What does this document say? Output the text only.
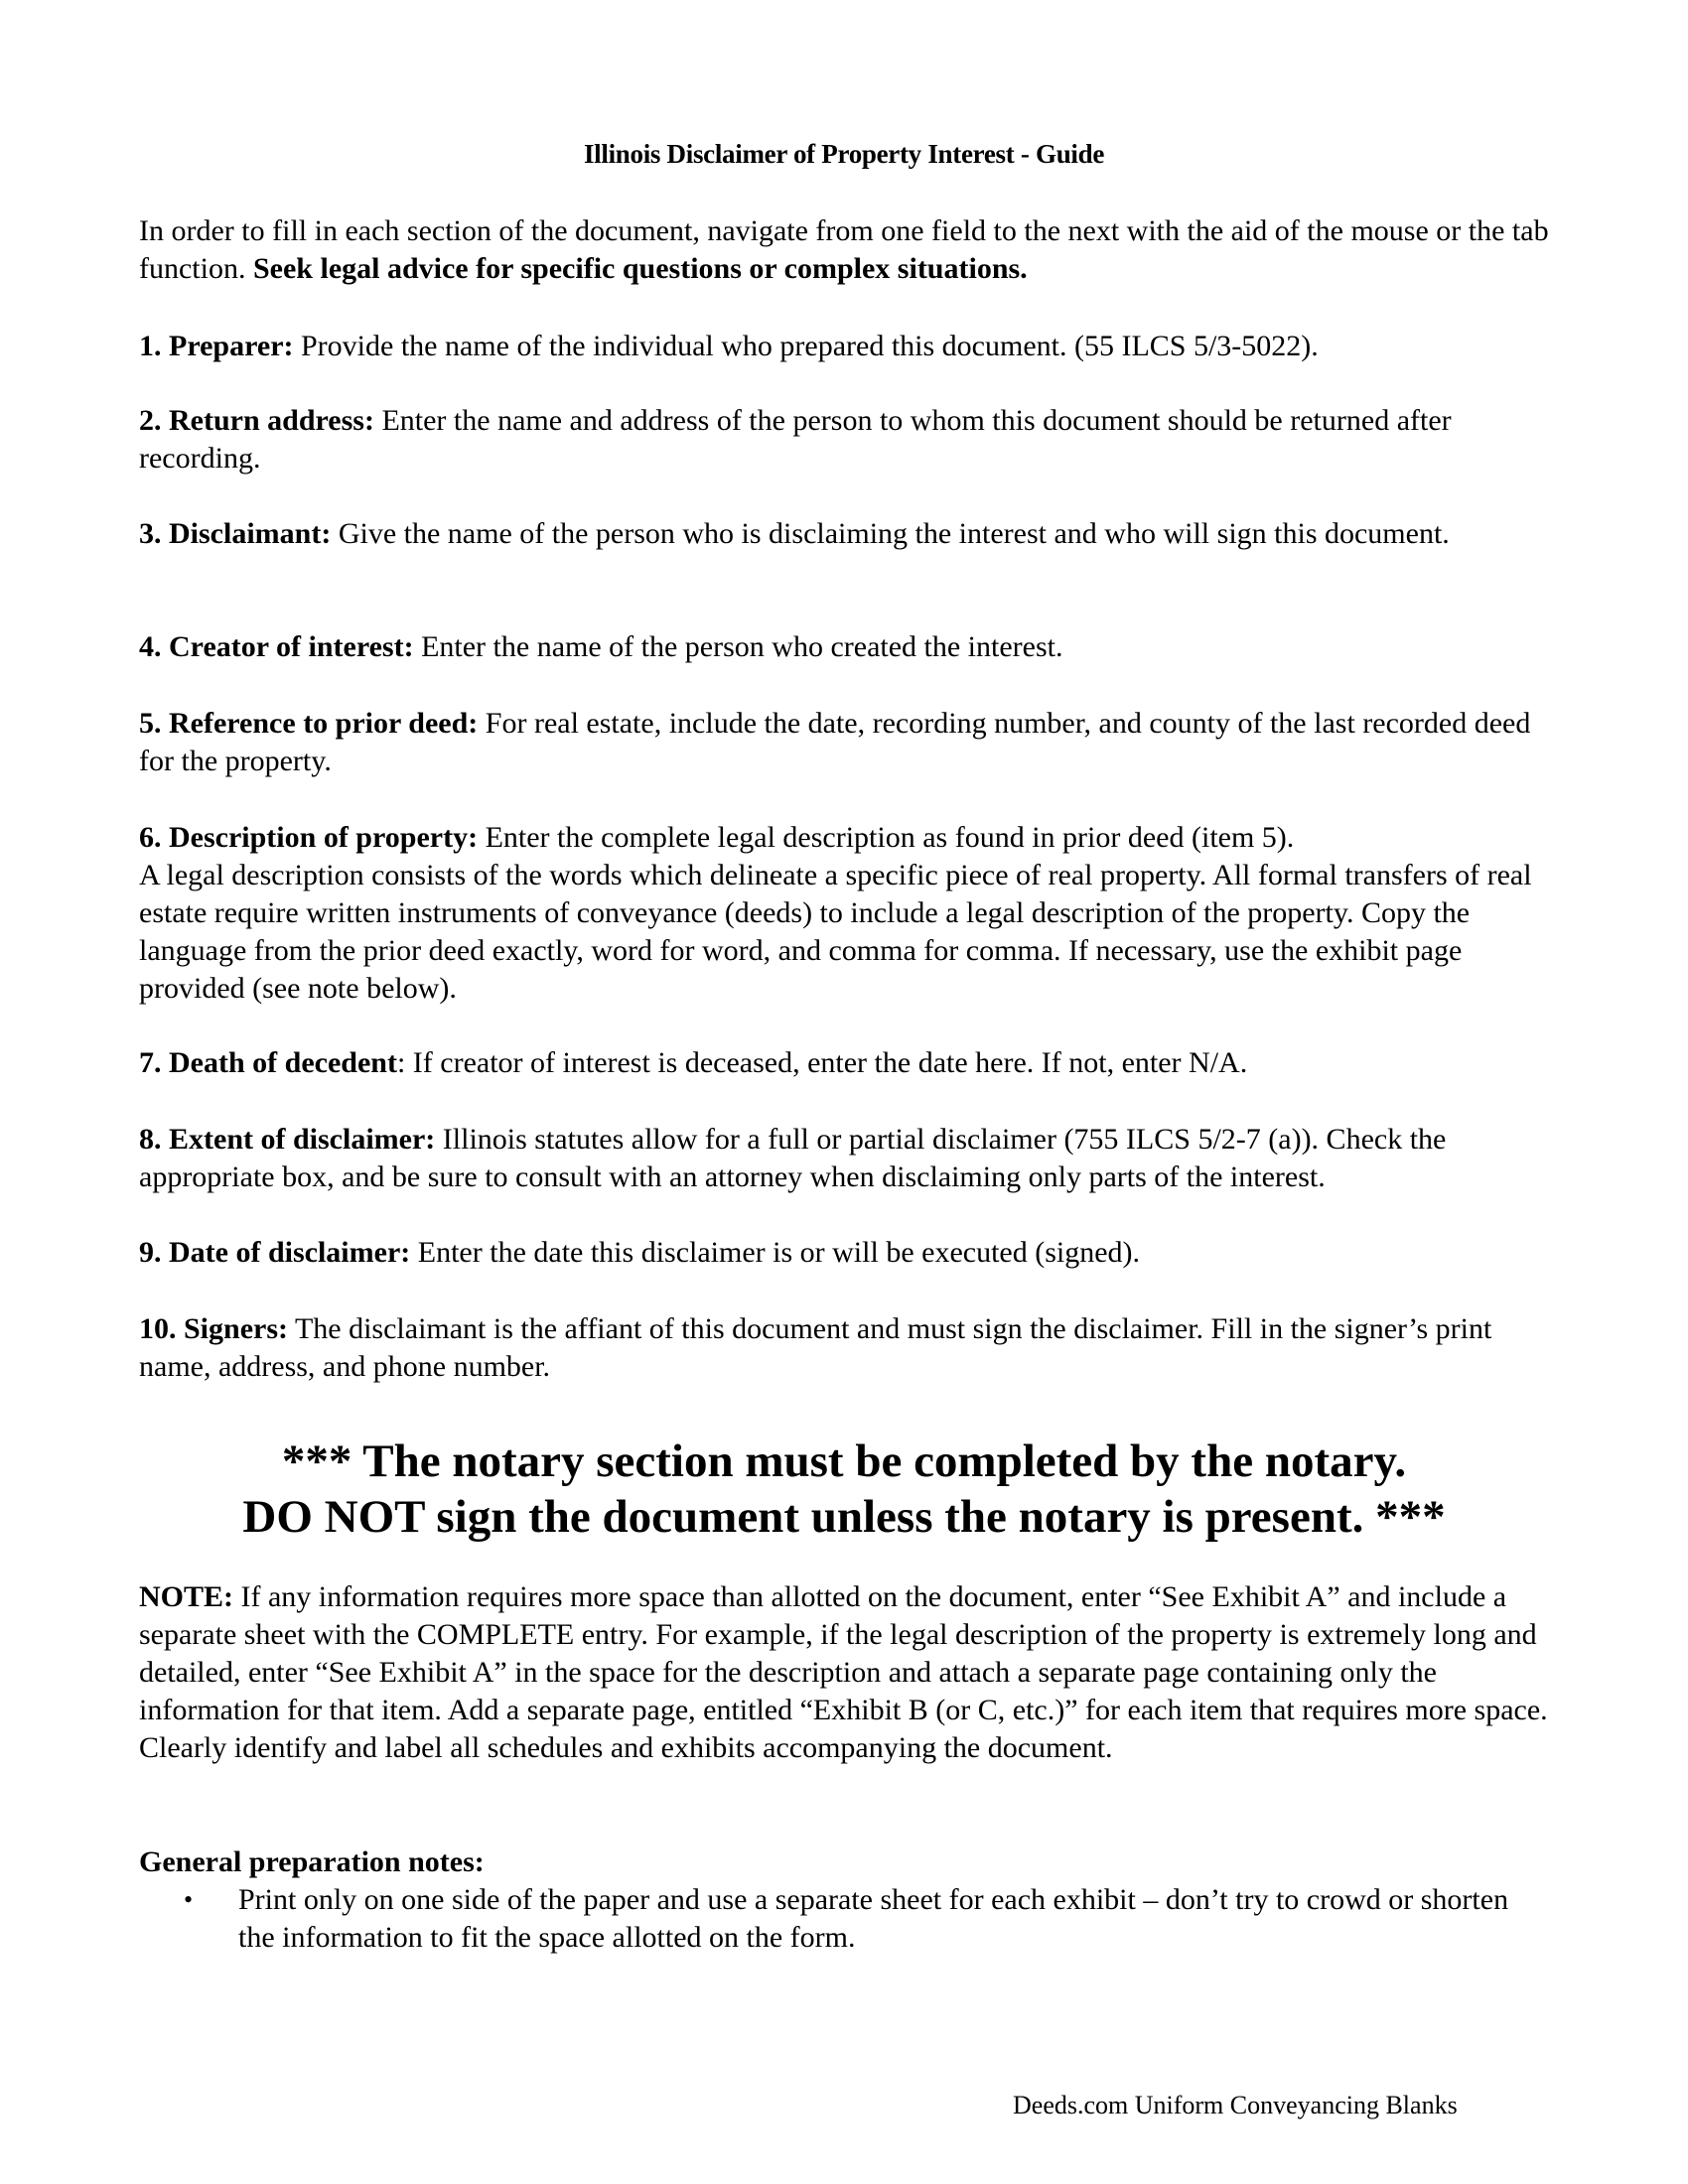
Illinois Disclaimer of Property Interest - Guide
In order to fill in each section of the document, navigate from one field to the next with the aid of the mouse or the tab function. Seek legal advice for specific questions or complex situations.
1. Preparer: Provide the name of the individual who prepared this document. (55 ILCS 5/3-5022).
2. Return address: Enter the name and address of the person to whom this document should be returned after recording.
3. Disclaimant: Give the name of the person who is disclaiming the interest and who will sign this document.
4. Creator of interest: Enter the name of the person who created the interest.
5. Reference to prior deed: For real estate, include the date, recording number, and county of the last recorded deed for the property.
6. Description of property: Enter the complete legal description as found in prior deed (item 5).
A legal description consists of the words which delineate a specific piece of real property. All formal transfers of real estate require written instruments of conveyance (deeds) to include a legal description of the property. Copy the language from the prior deed exactly, word for word, and comma for comma. If necessary, use the exhibit page provided (see note below).
7. Death of decedent: If creator of interest is deceased, enter the date here. If not, enter N/A.
8. Extent of disclaimer: Illinois statutes allow for a full or partial disclaimer (755 ILCS 5/2-7 (a)). Check the appropriate box, and be sure to consult with an attorney when disclaiming only parts of the interest.
9. Date of disclaimer: Enter the date this disclaimer is or will be executed (signed).
10. Signers: The disclaimant is the affiant of this document and must sign the disclaimer. Fill in the signer’s print name, address, and phone number.
*** The notary section must be completed by the notary.
DO NOT sign the document unless the notary is present. ***
NOTE: If any information requires more space than allotted on the document, enter “See Exhibit A” and include a separate sheet with the COMPLETE entry. For example, if the legal description of the property is extremely long and detailed, enter “See Exhibit A” in the space for the description and attach a separate page containing only the information for that item. Add a separate page, entitled “Exhibit B (or C, etc.)” for each item that requires more space. Clearly identify and label all schedules and exhibits accompanying the document.
General preparation notes:
• Print only on one side of the paper and use a separate sheet for each exhibit – don’t try to crowd or shorten the information to fit the space allotted on the form.
Deeds.com Uniform Conveyancing Blanks
